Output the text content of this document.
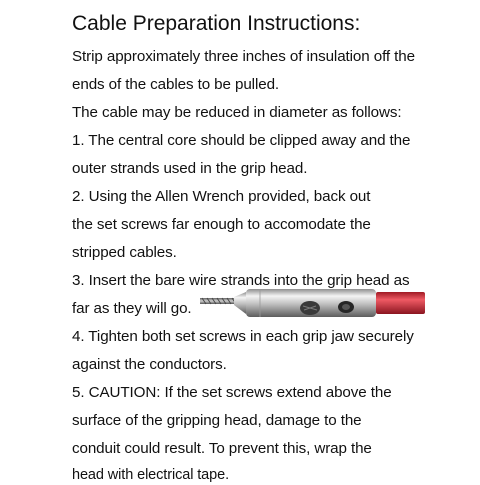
Cable Preparation Instructions:
Strip approximately three inches of insulation off the
ends of the cables to be pulled.
The cable may be reduced in diameter as follows:
1. The central core should be clipped away and the
outer strands used in the grip head.
2. Using the Allen Wrench provided, back out
the set screws far enough to accomodate the
stripped cables.
3. Insert the bare wire strands into the grip head as
far as they will go.
4. Tighten both set screws in each grip jaw securely
against the conductors.
5. CAUTION: If the set screws extend above the
surface of the gripping head, damage to the
conduit could result. To prevent this, wrap the
head with electrical tape.
